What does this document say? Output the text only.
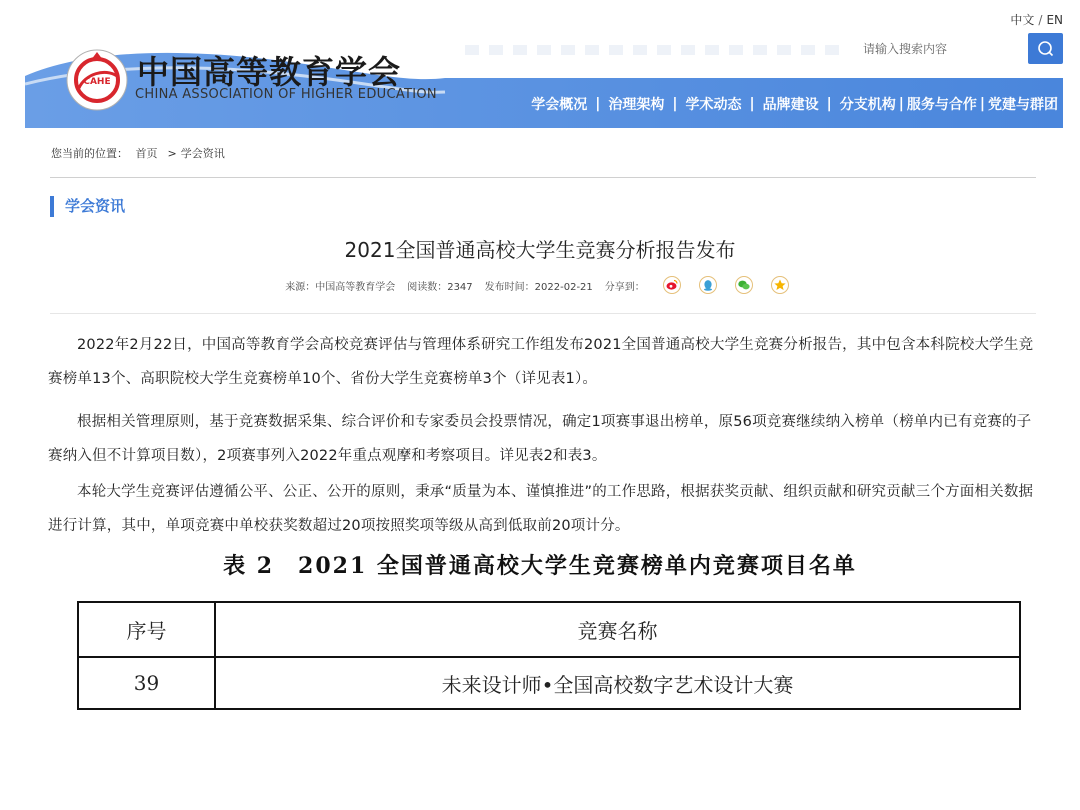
中文 / EN
CAHE 中国高等教育学会
CHINA ASSOCIATION OF HIGHER EDUCATION
请输入搜索内容
学会概况 | 治理架构 | 学术动态 | 品牌建设 | 分支机构 | 服务与合作 | 党建与群团
您当前的位置： 首页 > 学会资讯
学会资讯
2021全国普通高校大学生竞赛分析报告发布
来源：中国高等教育学会 阅读数：2347 发布时间：2022-02-21 分享到：

2022年2月22日，中国高等教育学会高校竞赛评估与管理体系研究工作组发布2021全国普通高校大学生竞赛分析报告，其中包含本科院校大学生竞赛榜单13个、高职院校大学生竞赛榜单10个、省份大学生竞赛榜单3个（详见表1）。

根据相关管理原则，基于竞赛数据采集、综合评价和专家委员会投票情况，确定1项赛事退出榜单，原56项竞赛继续纳入榜单（榜单内已有竞赛的子赛纳入但不计算项目数），2项赛事列入2022年重点观摩和考察项目。详见表2和表3。

本轮大学生竞赛评估遵循公平、公正、公开的原则，秉承“质量为本、谨慎推进”的工作思路，根据获奖贡献、组织贡献和研究贡献三个方面相关数据进行计算，其中，单项竞赛中单校获奖数超过20项按照奖项等级从高到低取前20项计分。

表 2　2021 全国普通高校大学生竞赛榜单内竞赛项目名单
序号	竞赛名称
39	未来设计师•全国高校数字艺术设计大赛
